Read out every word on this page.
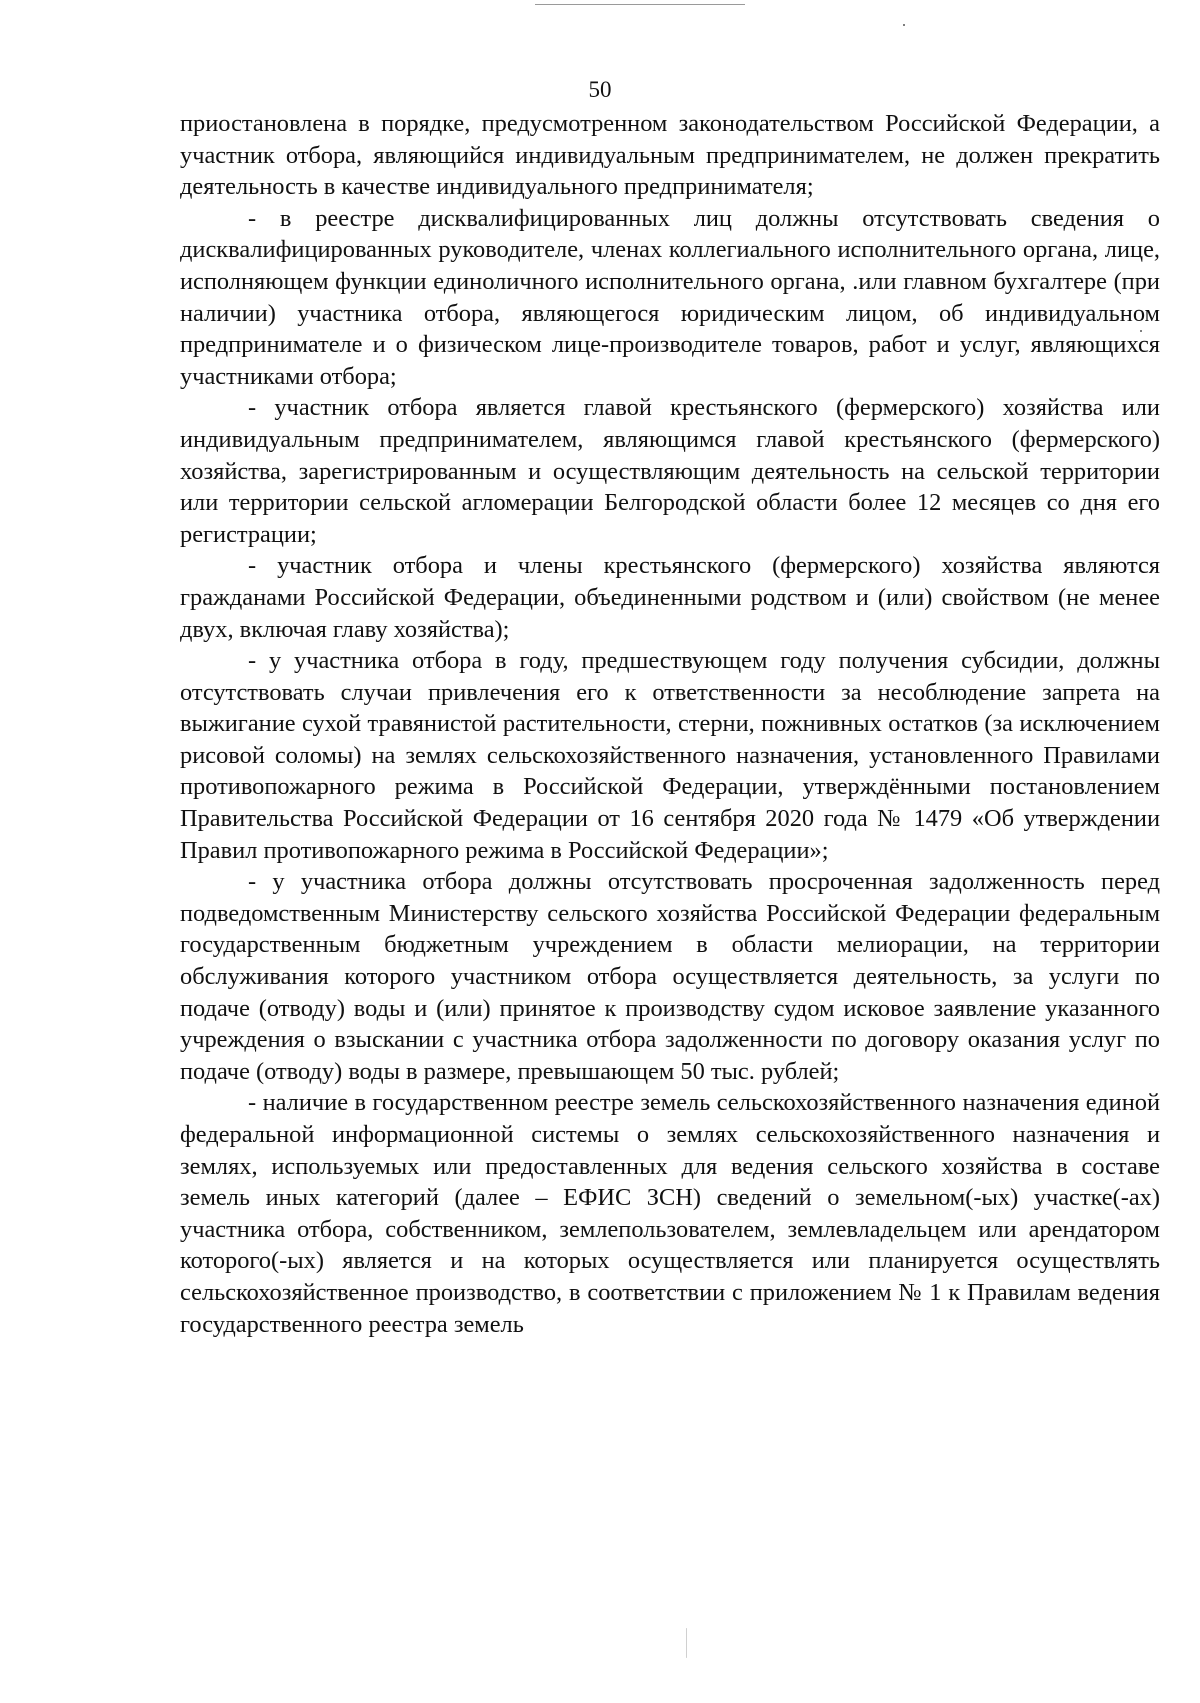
50

приостановлена в порядке, предусмотренном законодательством Российской Федерации, а участник отбора, являющийся индивидуальным предпринимателем, не должен прекратить деятельность в качестве индивидуального предпринимателя;

- в реестре дисквалифицированных лиц должны отсутствовать сведения о дисквалифицированных руководителе, членах коллегиального исполнительного органа, лице, исполняющем функции единоличного исполнительного органа, .или главном бухгалтере (при наличии) участника отбора, являющегося юридическим лицом, об индивидуальном предпринимателе и о физическом лице-производителе товаров, работ и услуг, являющихся участниками отбора;

- участник отбора является главой крестьянского (фермерского) хозяйства или индивидуальным предпринимателем, являющимся главой крестьянского (фермерского) хозяйства, зарегистрированным и осуществляющим деятельность на сельской территории или территории сельской агломерации Белгородской области более 12 месяцев со дня его регистрации;

- участник отбора и члены крестьянского (фермерского) хозяйства являются гражданами Российской Федерации, объединенными родством и (или) свойством (не менее двух, включая главу хозяйства);

- у участника отбора в году, предшествующем году получения субсидии, должны отсутствовать случаи привлечения его к ответственности за несоблюдение запрета на выжигание сухой травянистой растительности, стерни, пожнивных остатков (за исключением рисовой соломы) на землях сельскохозяйственного назначения, установленного Правилами противопожарного режима в Российской Федерации, утверждёнными постановлением Правительства Российской Федерации от 16 сентября 2020 года № 1479 «Об утверждении Правил противопожарного режима в Российской Федерации»;

- у участника отбора должны отсутствовать просроченная задолженность перед подведомственным Министерству сельского хозяйства Российской Федерации федеральным государственным бюджетным учреждением в области мелиорации, на территории обслуживания которого участником отбора осуществляется деятельность, за услуги по подаче (отводу) воды и (или) принятое к производству судом исковое заявление указанного учреждения о взыскании с участника отбора задолженности по договору оказания услуг по подаче (отводу) воды в размере, превышающем 50 тыс. рублей;

- наличие в государственном реестре земель сельскохозяйственного назначения единой федеральной информационной системы о землях сельскохозяйственного назначения и землях, используемых или предоставленных для ведения сельского хозяйства в составе земель иных категорий (далее – ЕФИС ЗСН) сведений о земельном(-ых) участке(-ах) участника отбора, собственником, землепользователем, землевладельцем или арендатором которого(-ых) является и на которых осуществляется или планируется осуществлять сельскохозяйственное производство, в соответствии с приложением № 1 к Правилам ведения государственного реестра земель
